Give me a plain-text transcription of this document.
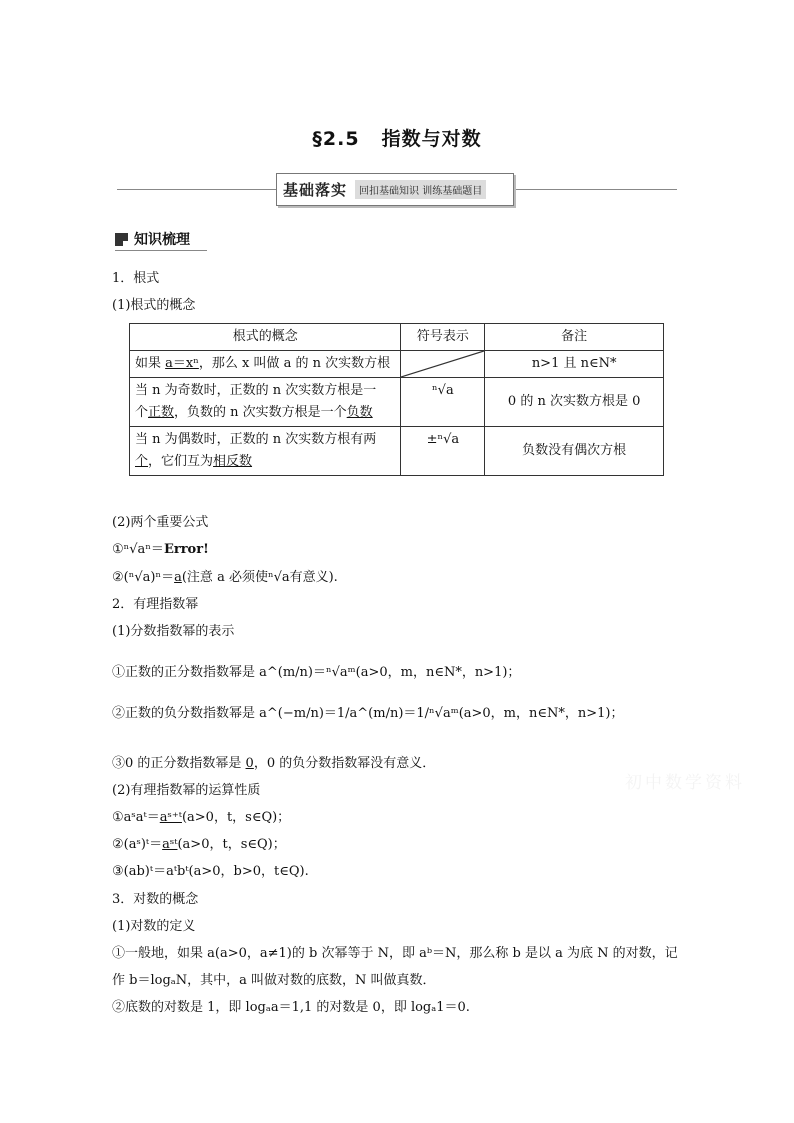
§2.5 指数与对数
基础落实	回扣基础知识 训练基础题目
知识梳理
1．根式
(1)根式的概念
根式的概念	符号表示	备注
如果 a＝xⁿ，那么 x 叫做 a 的 n 次实数方根		n>1 且 n∈N*
当 n 为奇数时，正数的 n 次实数方根是一
个正数，负数的 n 次实数方根是一个负数	ⁿ√a	0 的 n 次实数方根是 0
当 n 为偶数时，正数的 n 次实数方根有两
个，它们互为相反数	±ⁿ√a	负数没有偶次方根
(2)两个重要公式
①ⁿ√aⁿ＝Error!
②(ⁿ√a)ⁿ＝a(注意 a 必须使ⁿ√a有意义).
2．有理指数幂
(1)分数指数幂的表示
①正数的正分数指数幂是 a^(m/n)＝ⁿ√aᵐ(a>0，m，n∈N*，n>1)；
②正数的负分数指数幂是 a^(−m/n)＝1/a^(m/n)＝1/ⁿ√aᵐ(a>0，m，n∈N*，n>1)；
③0 的正分数指数幂是 0，0 的负分数指数幂没有意义．
(2)有理指数幂的运算性质
①aˢaᵗ＝aˢ⁺ᵗ(a>0，t，s∈Q)；
②(aˢ)ᵗ＝aˢᵗ(a>0，t，s∈Q)；
③(ab)ᵗ＝aᵗbᵗ(a>0，b>0，t∈Q).
3．对数的概念
(1)对数的定义
①一般地，如果 a(a>0，a≠1)的 b 次幂等于 N，即 aᵇ＝N，那么称 b 是以 a 为底 N 的对数，记
作 b＝logₐN，其中，a 叫做对数的底数，N 叫做真数．
②底数的对数是 1，即 logₐa＝1,1 的对数是 0，即 logₐ1＝0.
初中数学资料
